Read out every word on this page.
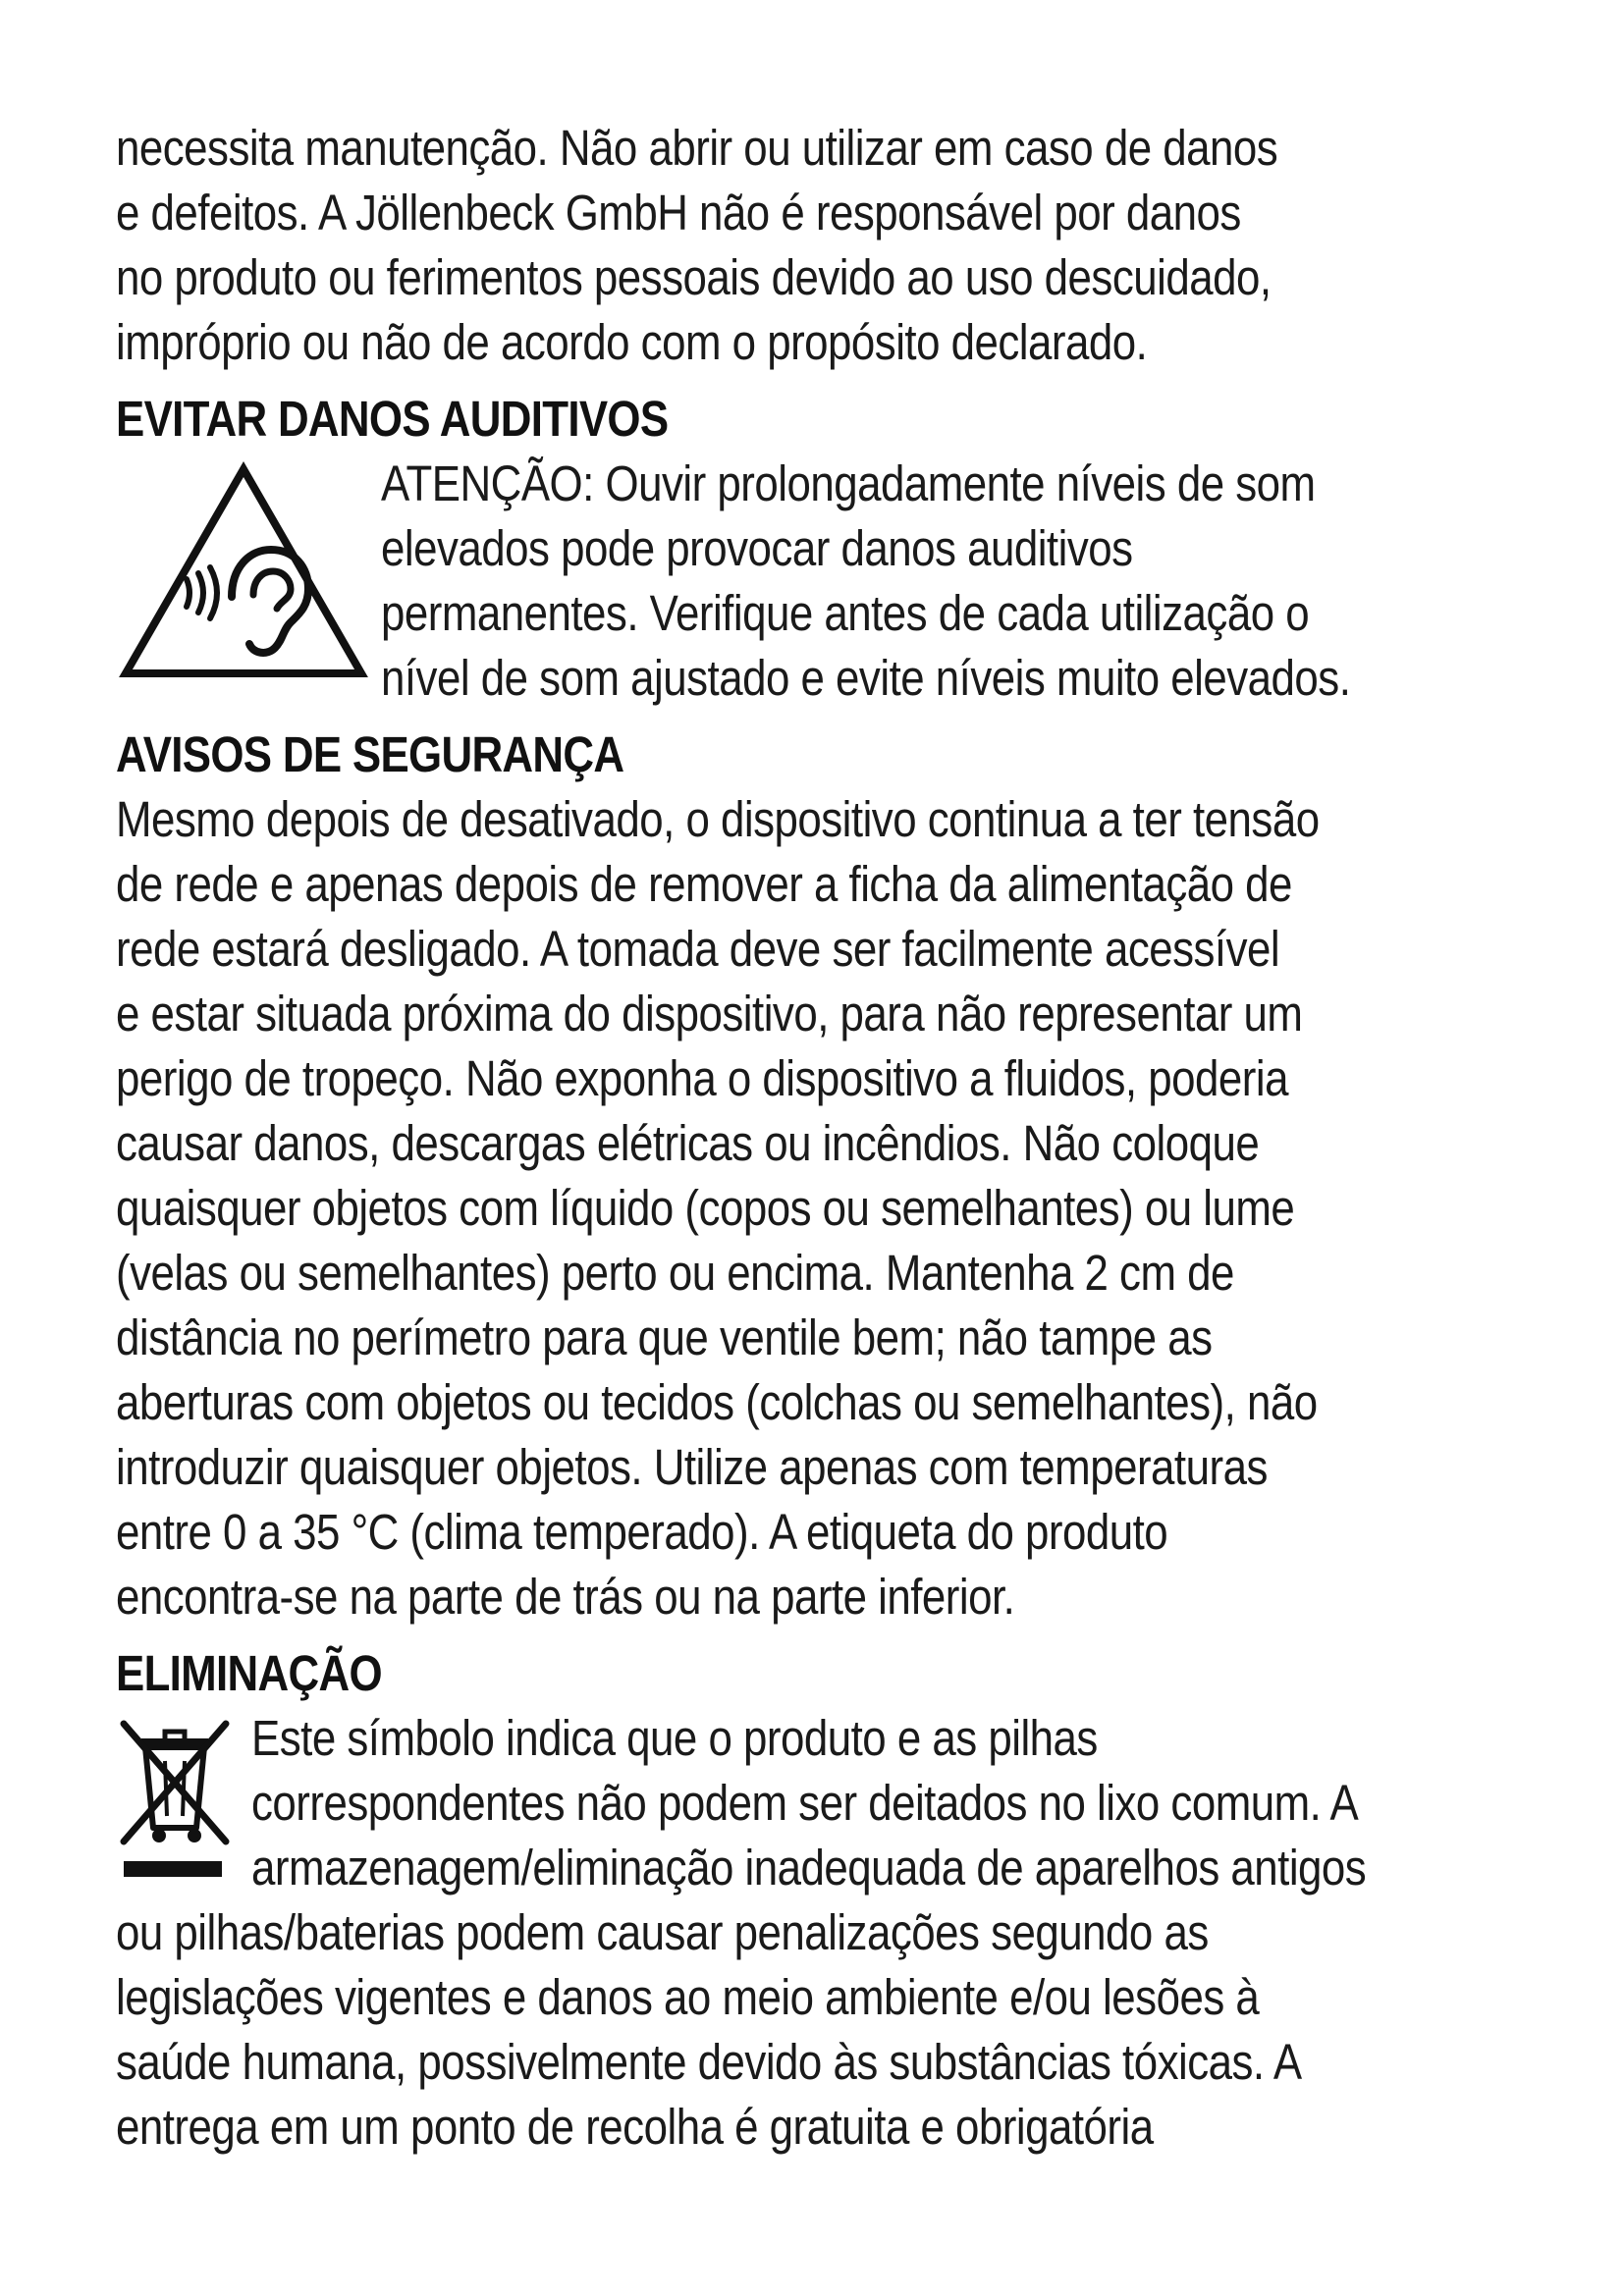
necessita manutenção. Não abrir ou utilizar em caso de danos
e defeitos. A Jöllenbeck GmbH não é responsável por danos
no produto ou ferimentos pessoais devido ao uso descuidado,
impróprio ou não de acordo com o propósito declarado.
EVITAR DANOS AUDITIVOS
ATENÇÃO: Ouvir prolongadamente níveis de som
elevados pode provocar danos auditivos
permanentes. Verifique antes de cada utilização o
nível de som ajustado e evite níveis muito elevados.
AVISOS DE SEGURANÇA
Mesmo depois de desativado, o dispositivo continua a ter tensão
de rede e apenas depois de remover a ficha da alimentação de
rede estará desligado. A tomada deve ser facilmente acessível
e estar situada próxima do dispositivo, para não representar um
perigo de tropeço. Não exponha o dispositivo a fluidos, poderia
causar danos, descargas elétricas ou incêndios. Não coloque
quaisquer objetos com líquido (copos ou semelhantes) ou lume
(velas ou semelhantes) perto ou encima. Mantenha 2 cm de
distância no perímetro para que ventile bem; não tampe as
aberturas com objetos ou tecidos (colchas ou semelhantes), não
introduzir quaisquer objetos. Utilize apenas com temperaturas
entre 0 a 35 °C (clima temperado). A etiqueta do produto
encontra-se na parte de trás ou na parte inferior.
ELIMINAÇÃO
Este símbolo indica que o produto e as pilhas
correspondentes não podem ser deitados no lixo comum. A
armazenagem/eliminação inadequada de aparelhos antigos
ou pilhas/baterias podem causar penalizações segundo as
legislações vigentes e danos ao meio ambiente e/ou lesões à
saúde humana, possivelmente devido às substâncias tóxicas. A
entrega em um ponto de recolha é gratuita e obrigatória
